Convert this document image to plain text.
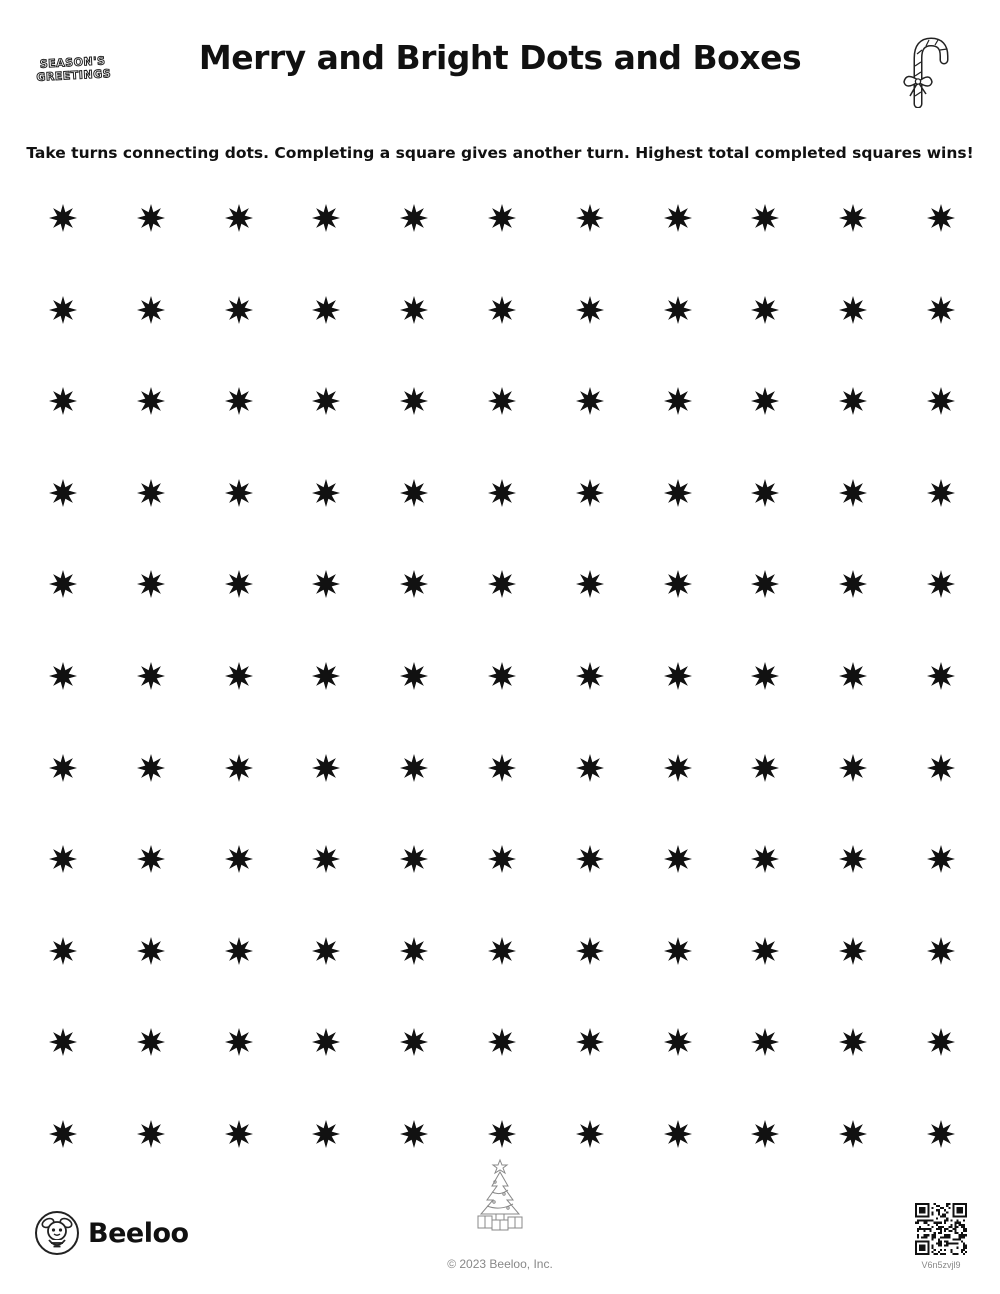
SEASON'S
GREETINGS	Merry and Bright Dots and Boxes

Take turns connecting dots. Completing a square gives another turn. Highest total completed squares wins!

Beeloo
© 2023 Beeloo, Inc.	V6n5zvjl9
